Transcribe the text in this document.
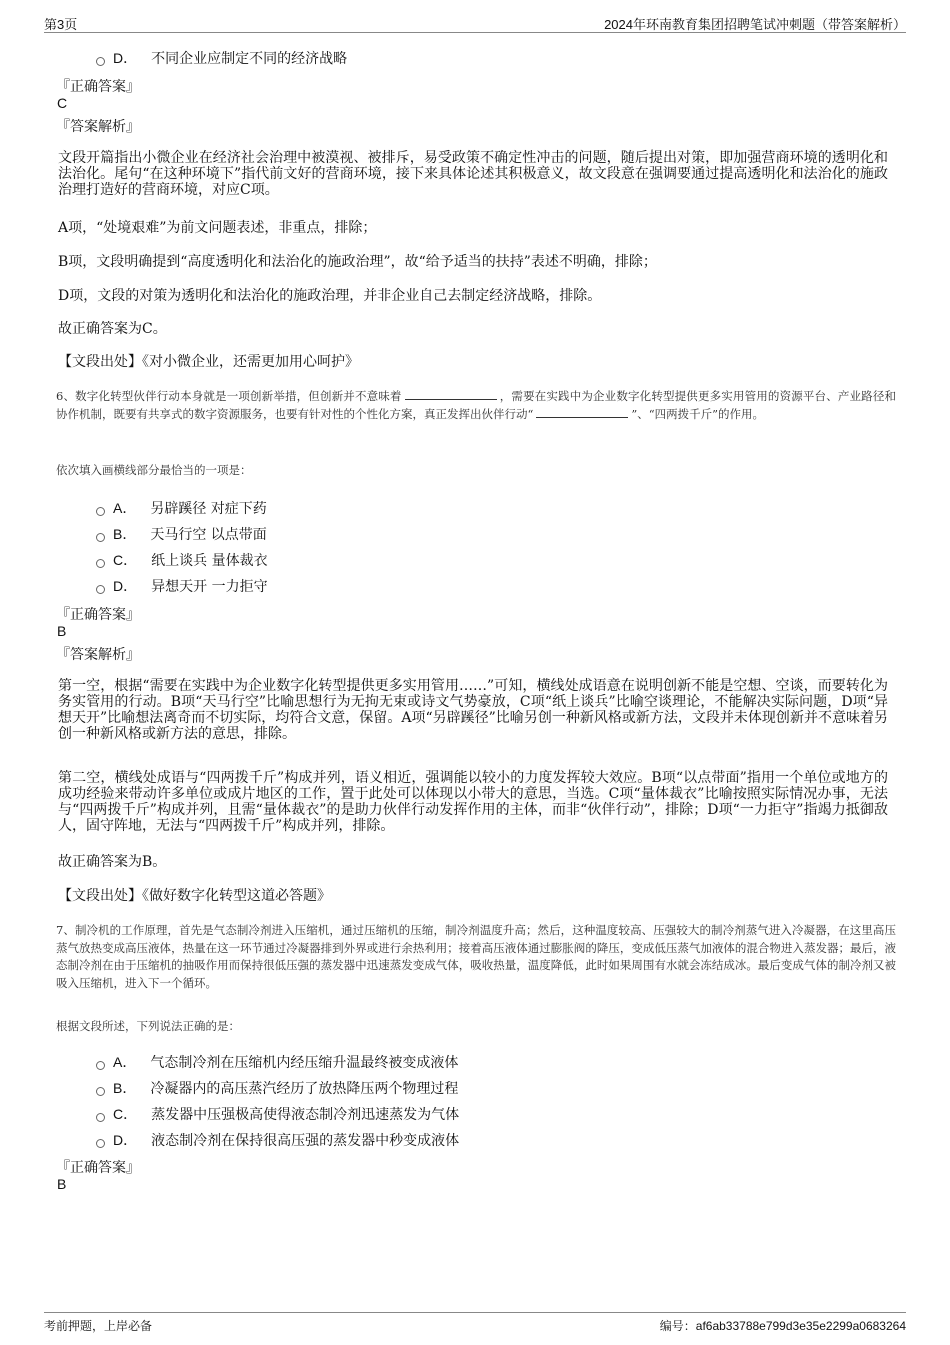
第3页	2024年环南教育集团招聘笔试冲刺题（带答案解析）
D． 不同企业应制定不同的经济战略
『正确答案』
C
『答案解析』
文段开篇指出小微企业在经济社会治理中被漠视、被排斥，易受政策不确定性冲击的问题，随后提出对策，即加强营商环境的透明化和法治化。尾句“在这种环境下”指代前文好的营商环境，接下来具体论述其积极意义，故文段意在强调要通过提高透明化和法治化的施政治理打造好的营商环境，对应C项。
A项，“处境艰难”为前文问题表述，非重点，排除；
B项，文段明确提到“高度透明化和法治化的施政治理”，故“给予适当的扶持”表述不明确，排除；
D项，文段的对策为透明化和法治化的施政治理，并非企业自己去制定经济战略，排除。
故正确答案为C。
【文段出处】《对小微企业，还需更加用心呵护》
6、数字化转型伙伴行动本身就是一项创新举措，但创新并不意味着	，需要在实践中为企业数字化转型提供更多实用管用的资源平台、产业路径和协作机制，既要有共享式的数字资源服务，也要有针对性的个性化方案，真正发挥出伙伴行动“	”、“四两拨千斤”的作用。
依次填入画横线部分最恰当的一项是：
A． 另辟蹊径 对症下药
B． 天马行空 以点带面
C． 纸上谈兵 量体裁衣
D． 异想天开 一力拒守
『正确答案』
B
『答案解析』
第一空，根据“需要在实践中为企业数字化转型提供更多实用管用……”可知，横线处成语意在说明创新不能是空想、空谈，而要转化为务实管用的行动。B项“天马行空”比喻思想行为无拘无束或诗文气势豪放，C项“纸上谈兵”比喻空谈理论，不能解决实际问题，D项“异想天开”比喻想法离奇而不切实际，均符合文意，保留。A项“另辟蹊径”比喻另创一种新风格或新方法，文段并未体现创新并不意味着另创一种新风格或新方法的意思，排除。
第二空，横线处成语与“四两拨千斤”构成并列，语义相近，强调能以较小的力度发挥较大效应。B项“以点带面”指用一个单位或地方的成功经验来带动许多单位或成片地区的工作，置于此处可以体现以小带大的意思，当选。C项“量体裁衣”比喻按照实际情况办事，无法与“四两拨千斤”构成并列，且需“量体裁衣”的是助力伙伴行动发挥作用的主体，而非“伙伴行动”，排除；D项“一力拒守”指竭力抵御敌人，固守阵地，无法与“四两拨千斤”构成并列，排除。
故正确答案为B。
【文段出处】《做好数字化转型这道必答题》
7、制冷机的工作原理，首先是气态制冷剂进入压缩机，通过压缩机的压缩，制冷剂温度升高；然后，这种温度较高、压强较大的制冷剂蒸气进入冷凝器，在这里高压蒸气放热变成高压液体，热量在这一环节通过冷凝器排到外界或进行余热利用；接着高压液体通过膨胀阀的降压，变成低压蒸气加液体的混合物进入蒸发器；最后，液态制冷剂在由于压缩机的抽吸作用而保持很低压强的蒸发器中迅速蒸发变成气体，吸收热量，温度降低，此时如果周围有水就会冻结成冰。最后变成气体的制冷剂又被吸入压缩机，进入下一个循环。
根据文段所述，下列说法正确的是：
A． 气态制冷剂在压缩机内经压缩升温最终被变成液体
B． 冷凝器内的高压蒸汽经历了放热降压两个物理过程
C． 蒸发器中压强极高使得液态制冷剂迅速蒸发为气体
D． 液态制冷剂在保持很高压强的蒸发器中秒变成液体
『正确答案』
B
考前押题，上岸必备	编号：af6ab33788e799d3e35e2299a0683264
